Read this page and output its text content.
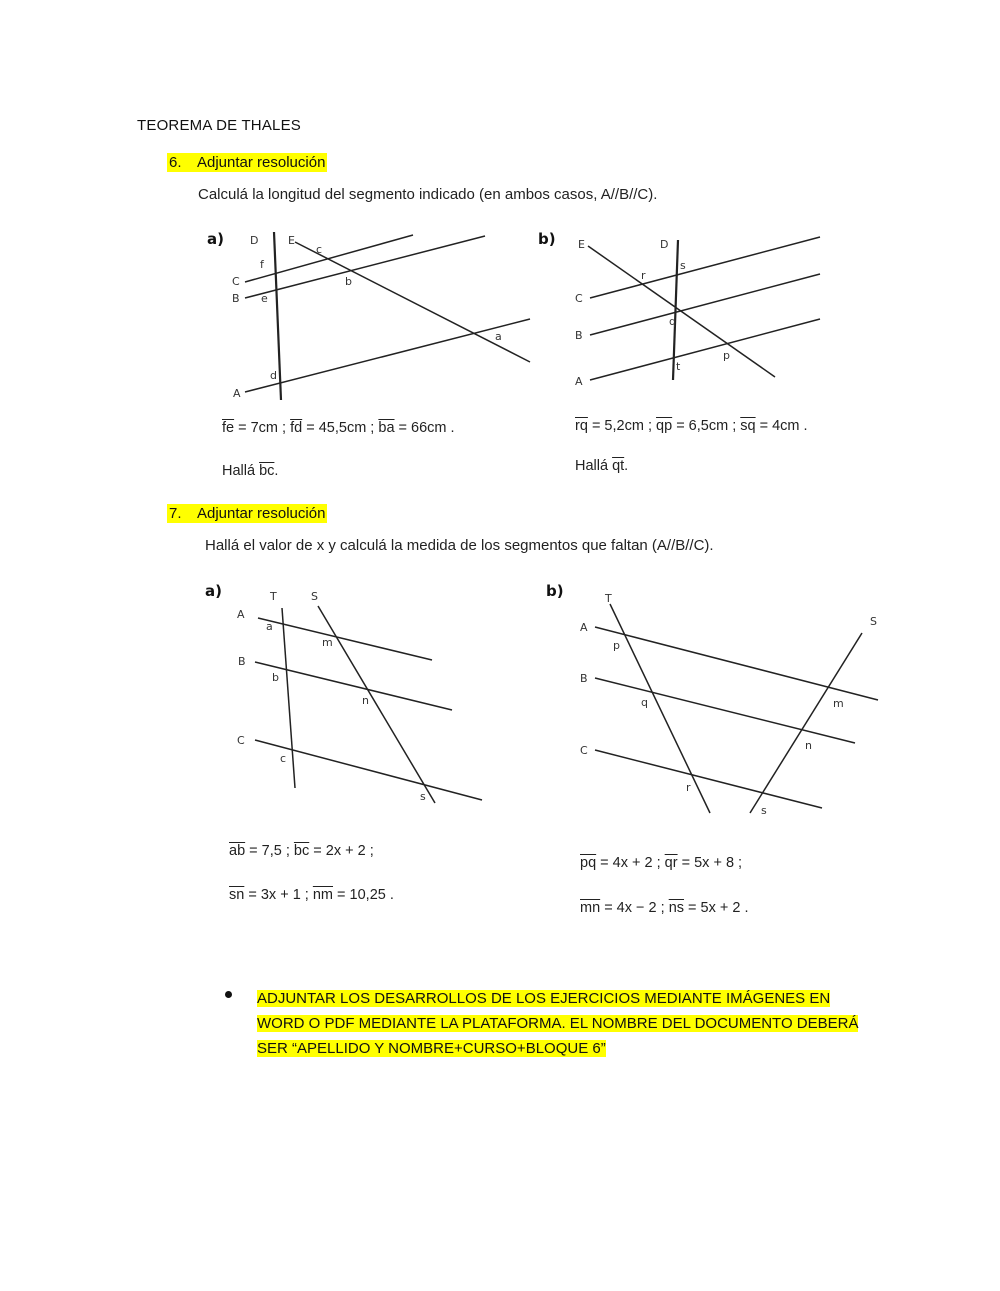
TEOREMA DE THALES
6. Adjuntar resolución
Calculá la longitud del segmento indicado (en ambos casos, A//B//C).
a) D	E
C
B
A
f
e
d
c
b
a
b) E	D
C
B
A
r
s
q
t
p
$\overline{fe} = 7cm$ ; $\overline{fd} = 45,5cm$ ; $\overline{ba} = 66cm$ .
Hallá $\overline{bc}$.
$\overline{rq} = 5,2cm$ ; $\overline{qp} = 6,5cm$ ; $\overline{sq} = 4cm$ .
Hallá $\overline{qt}$.
7. Adjuntar resolución
Hallá el valor de x y calculá la medida de los segmentos que faltan (A//B//C).
a)	T	S
A
B
C
a
m
b
n
c
s
b)	T
S
A
B
C
p
q
r
m
n
s
$\overline{ab} = 7,5$ ; $\overline{bc} = 2x + 2$ ;
$\overline{sn} = 3x + 1$ ; $\overline{nm} = 10,25$ .
$\overline{pq} = 4x + 2$ ; $\overline{qr} = 5x + 8$ ;
$\overline{mn} = 4x - 2$ ; $\overline{ns} = 5x + 2$ .
ADJUNTAR LOS DESARROLLOS DE LOS EJERCICIOS MEDIANTE IMÁGENES EN WORD O PDF MEDIANTE LA PLATAFORMA. EL NOMBRE DEL DOCUMENTO DEBERÁ SER “APELLIDO Y NOMBRE+CURSO+BLOQUE 6”
